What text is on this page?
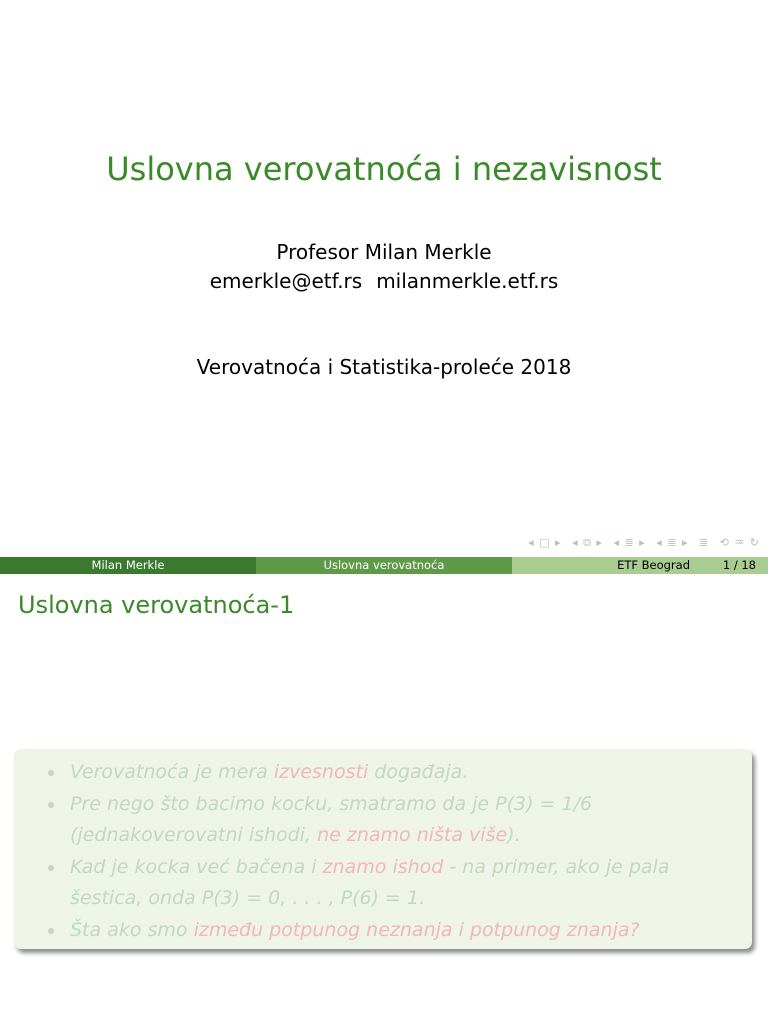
Uslovna verovatnoća i nezavisnost
Profesor Milan Merkle
emerkle@etf.rs milanmerkle.etf.rs
Verovatnoća i Statistika-proleće 2018
◂ □ ▸ ◂ ⧉ ▸ ◂ ≣ ▸ ◂ ≣ ▸ ≣ ⟲ ♒ ↻
Milan Merkle	Uslovna verovatnoća	ETF Beograd	1 / 18
Uslovna verovatnoća-1
Verovatnoća je mera izvesnosti događaja.
Pre nego što bacimo kocku, smatramo da je P(3) = 1/6 (jednakoverovatni ishodi, ne znamo ništa više).
Kad je kocka već bačena i znamo ishod - na primer, ako je pala šestica, onda P(3) = 0, . . . , P(6) = 1.
Šta ako smo između potpunog neznanja i potpunog znanja?
